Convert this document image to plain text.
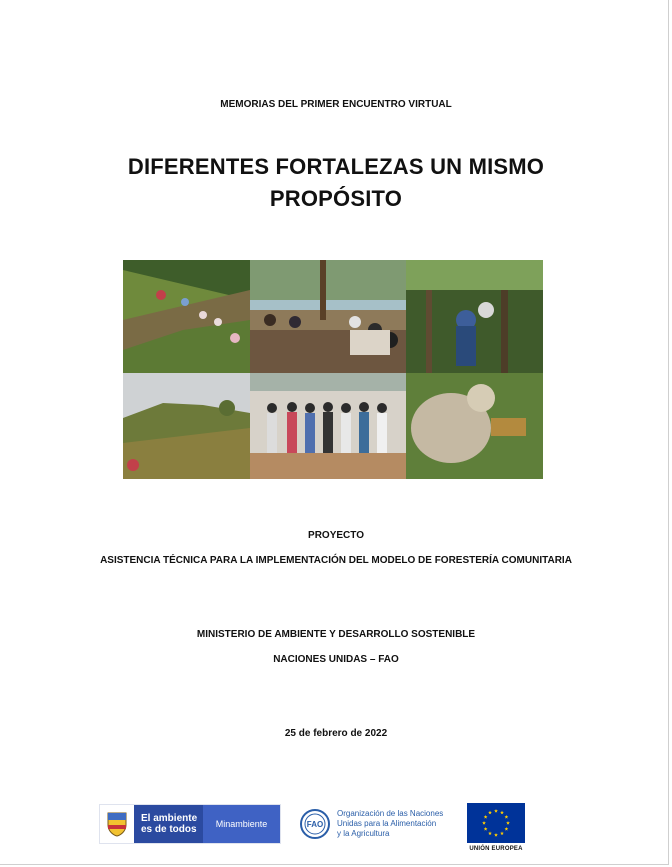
MEMORIAS DEL PRIMER ENCUENTRO VIRTUAL
DIFERENTES FORTALEZAS UN MISMO
PROPÓSITO
PROYECTO
ASISTENCIA TÉCNICA PARA LA IMPLEMENTACIÓN DEL MODELO DE FORESTERÍA COMUNITARIA
MINISTERIO DE AMBIENTE Y DESARROLLO SOSTENIBLE
NACIONES UNIDAS – FAO
25 de febrero de 2022
El ambiente
es de todos	Minambiente	FAO
Organización de las Naciones
Unidas para la Alimentación
y la Agricultura
UNIÓN EUROPEA
